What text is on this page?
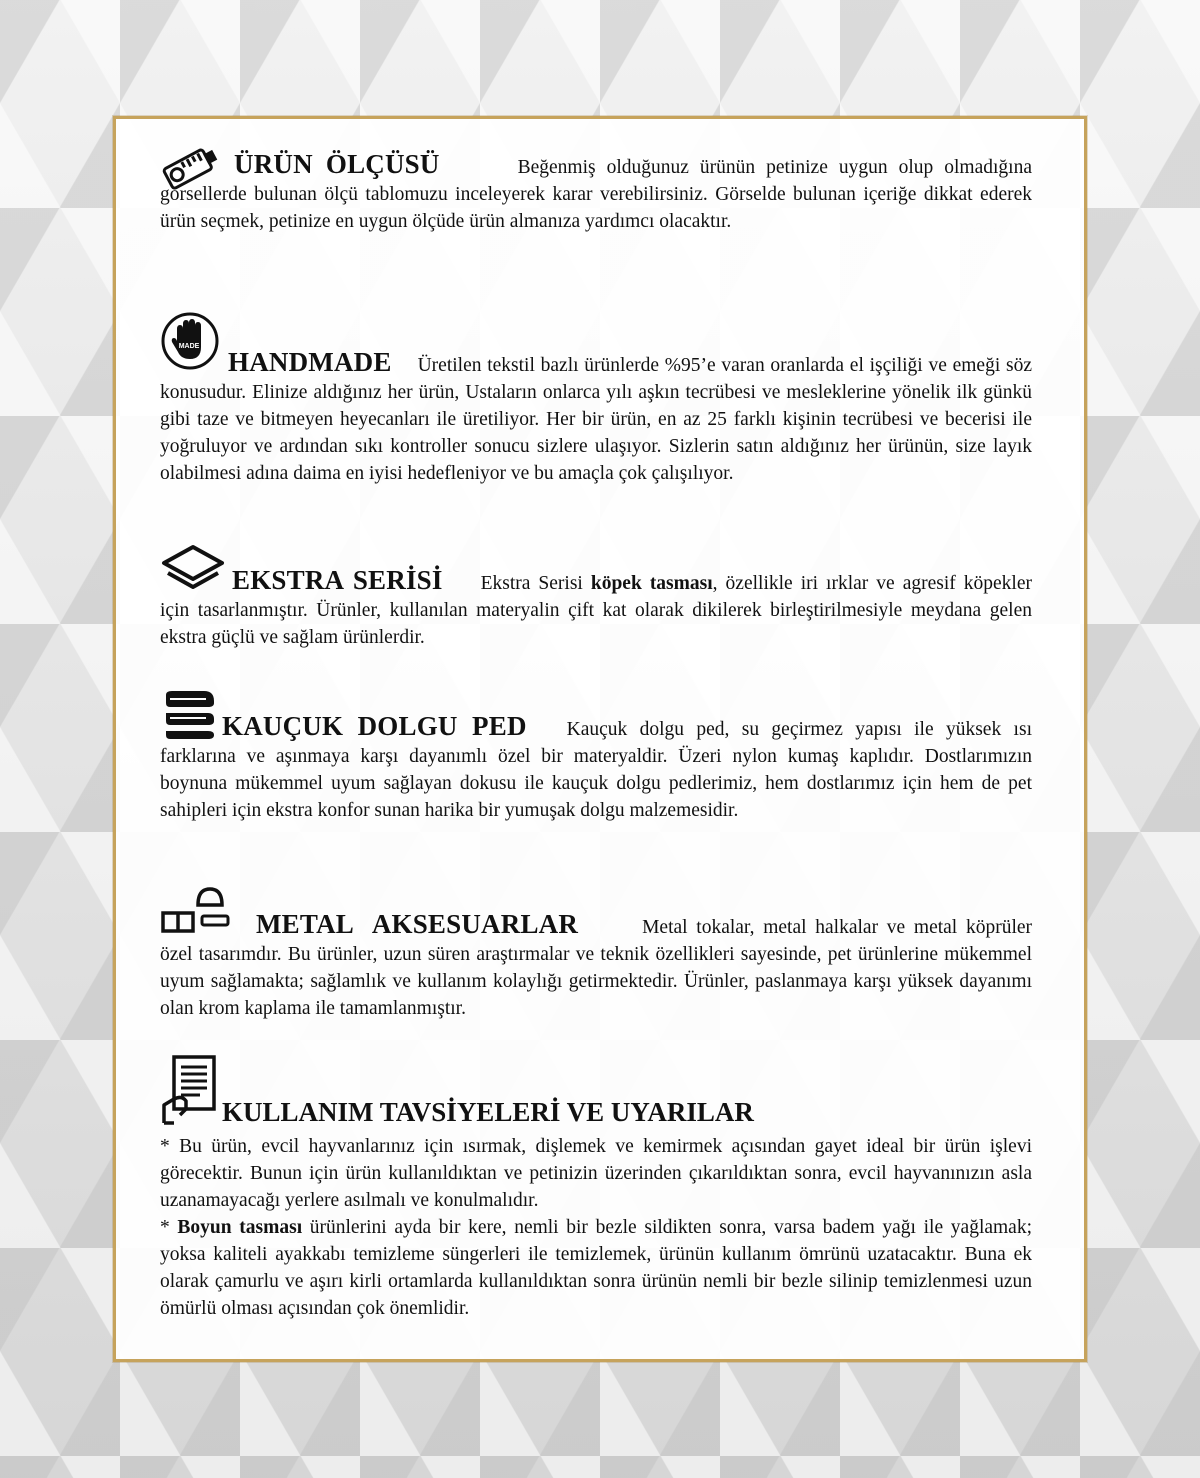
ÜRÜN ÖLÇÜSÜ	Beğenmiş olduğunuz ürünün petinize uygun olup olmadığına görsellerde bulunan ölçü tablomuzu inceleyerek karar verebilirsiniz. Görselde bulunan içeriğe dikkat ederek ürün seçmek, petinize en uygun ölçüde ürün almanıza yardımcı olacaktır.

MADE

HANDMADE Üretilen tekstil bazlı ürünlerde %95’e varan oranlarda el işçiliği ve emeği söz konusudur. Elinize aldığınız her ürün, Ustaların onlarca yılı aşkın tecrübesi ve mesleklerine yönelik ilk günkü gibi taze ve bitmeyen heyecanları ile üretiliyor. Her bir ürün, en az 25 farklı kişinin tecrübesi ve becerisi ile yoğruluyor ve ardından sıkı kontroller sonucu sizlere ulaşıyor. Sizlerin satın aldığınız her ürünün, size layık olabilmesi adına daima en iyisi hedefleniyor ve bu amaçla çok çalışılıyor.

EKSTRA SERİSİ Ekstra Serisi köpek tasması, özellikle iri ırklar ve agresif köpekler için tasarlanmıştır. Ürünler, kullanılan materyalin çift kat olarak dikilerek birleştirilmesiyle meydana gelen ekstra güçlü ve sağlam ürünlerdir.

KAUÇUK DOLGU PED Kauçuk dolgu ped, su geçirmez yapısı ile yüksek ısı farklarına ve aşınmaya karşı dayanımlı özel bir materyaldir. Üzeri nylon kumaş kaplıdır. Dostlarımızın boynuna mükemmel uyum sağlayan dokusu ile kauçuk dolgu pedlerimiz, hem dostlarımız için hem de pet sahipleri için ekstra konfor sunan harika bir yumuşak dolgu malzemesidir.

METAL AKSESUARLAR	Metal tokalar, metal halkalar ve metal köprüler özel tasarımdır. Bu ürünler, uzun süren araştırmalar ve teknik özellikleri sayesinde, pet ürünlerine mükemmel uyum sağlamakta; sağlamlık ve kullanım kolaylığı getirmektedir. Ürünler, paslanmaya karşı yüksek dayanımı olan krom kaplama ile tamamlanmıştır.

KULLANIM TAVSİYELERİ VE UYARILAR

* Bu ürün, evcil hayvanlarınız için ısırmak, dişlemek ve kemirmek açısından gayet ideal bir ürün işlevi görecektir. Bunun için ürün kullanıldıktan ve petinizin üzerinden çıkarıldıktan sonra, evcil hayvanınızın asla uzanamayacağı yerlere asılmalı ve konulmalıdır.

* Boyun tasması ürünlerini ayda bir kere, nemli bir bezle sildikten sonra, varsa badem yağı ile yağlamak; yoksa kaliteli ayakkabı temizleme süngerleri ile temizlemek, ürünün kullanım ömrünü uzatacaktır. Buna ek olarak çamurlu ve aşırı kirli ortamlarda kullanıldıktan sonra ürünün nemli bir bezle silinip temizlenmesi uzun ömürlü olması açısından çok önemlidir.
